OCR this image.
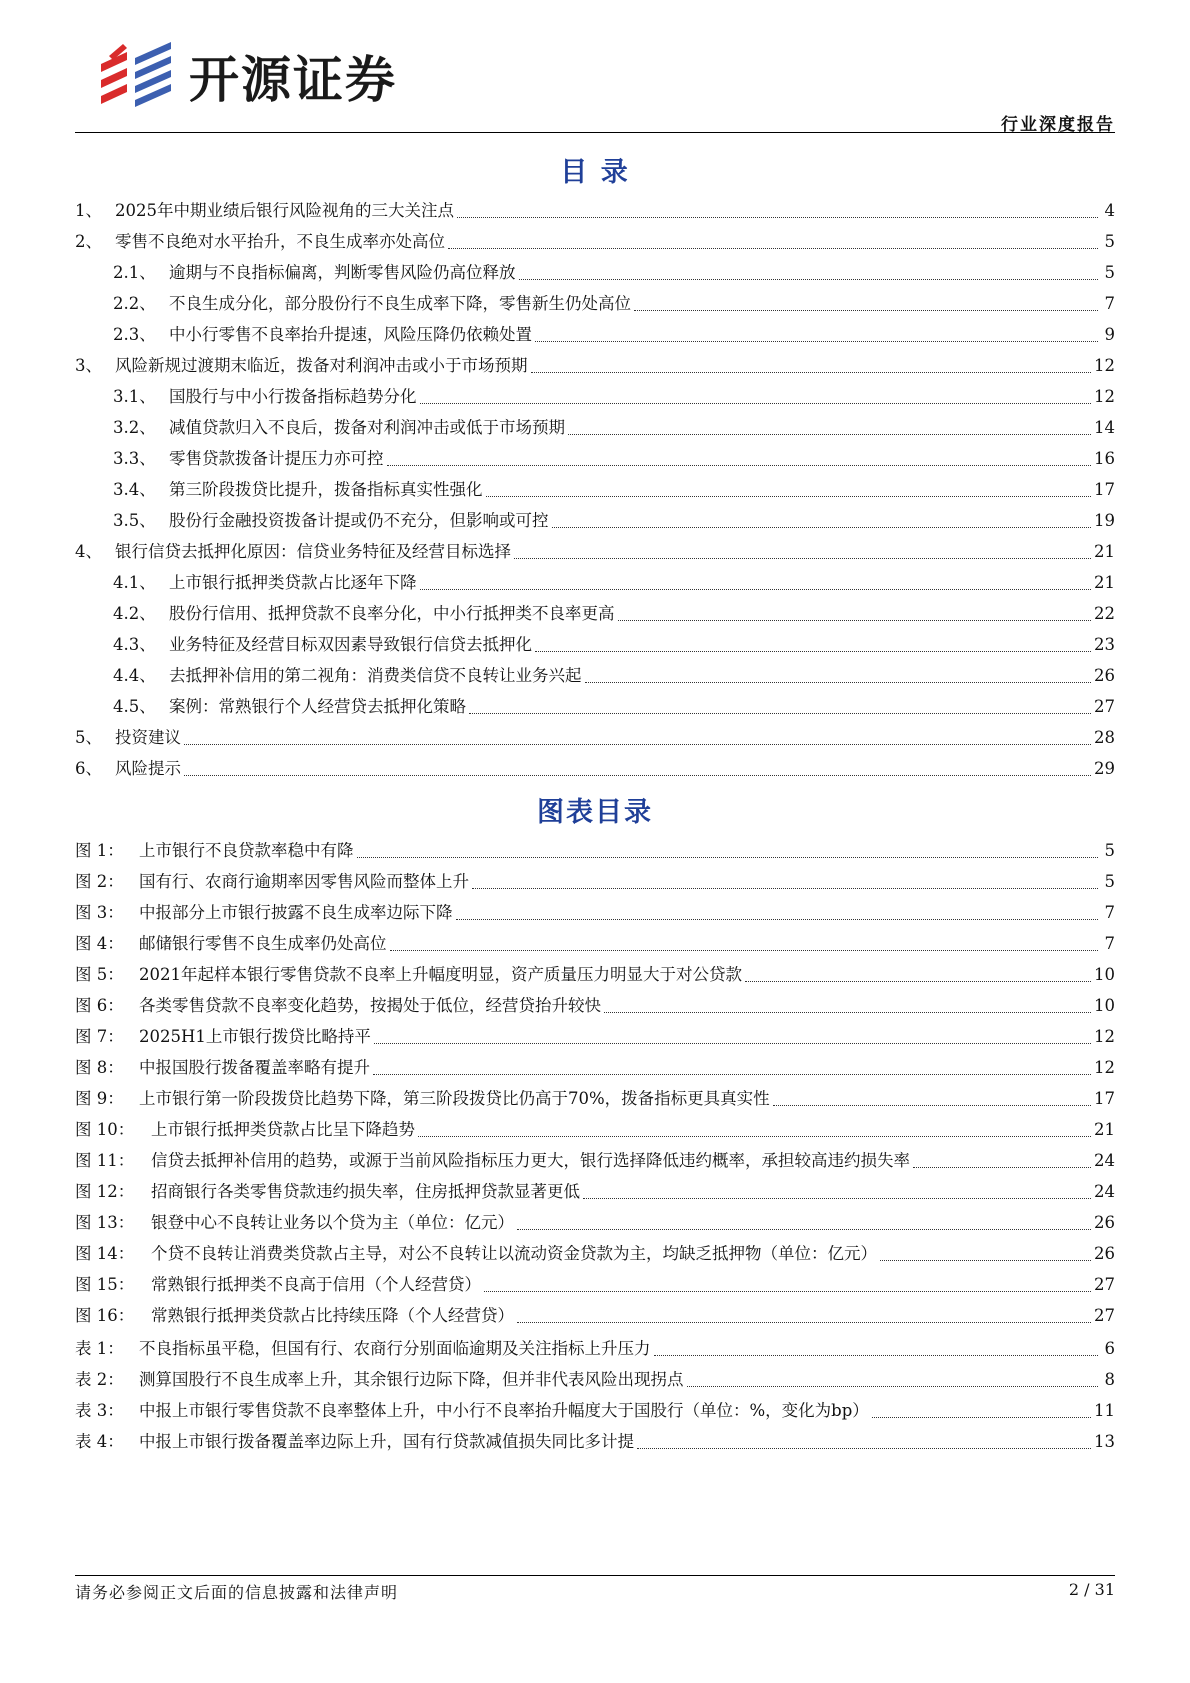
开源证券
行业深度报告
目 录
1、 2025年中期业绩后银行风险视角的三大关注点	4
2、 零售不良绝对水平抬升，不良生成率亦处高位	5
2.1、 逾期与不良指标偏离，判断零售风险仍高位释放	5
2.2、 不良生成分化，部分股份行不良生成率下降，零售新生仍处高位	7
2.3、 中小行零售不良率抬升提速，风险压降仍依赖处置	9
3、 风险新规过渡期末临近，拨备对利润冲击或小于市场预期	12
3.1、 国股行与中小行拨备指标趋势分化	12
3.2、 减值贷款归入不良后，拨备对利润冲击或低于市场预期	14
3.3、 零售贷款拨备计提压力亦可控	16
3.4、 第三阶段拨贷比提升，拨备指标真实性强化	17
3.5、 股份行金融投资拨备计提或仍不充分，但影响或可控	19
4、 银行信贷去抵押化原因：信贷业务特征及经营目标选择	21
4.1、 上市银行抵押类贷款占比逐年下降	21
4.2、 股份行信用、抵押贷款不良率分化，中小行抵押类不良率更高	22
4.3、 业务特征及经营目标双因素导致银行信贷去抵押化	23
4.4、 去抵押补信用的第二视角：消费类信贷不良转让业务兴起	26
4.5、 案例：常熟银行个人经营贷去抵押化策略	27
5、 投资建议	28
6、 风险提示	29
图表目录
图 1： 上市银行不良贷款率稳中有降	5
图 2： 国有行、农商行逾期率因零售风险而整体上升	5
图 3： 中报部分上市银行披露不良生成率边际下降	7
图 4： 邮储银行零售不良生成率仍处高位	7
图 5： 2021年起样本银行零售贷款不良率上升幅度明显，资产质量压力明显大于对公贷款	10
图 6： 各类零售贷款不良率变化趋势，按揭处于低位，经营贷抬升较快	10
图 7： 2025H1上市银行拨贷比略持平	12
图 8： 中报国股行拨备覆盖率略有提升	12
图 9： 上市银行第一阶段拨贷比趋势下降，第三阶段拨贷比仍高于70%，拨备指标更具真实性	17
图 10：	上市银行抵押类贷款占比呈下降趋势	21
图 11：	信贷去抵押补信用的趋势，或源于当前风险指标压力更大，银行选择降低违约概率，承担较高违约损失率	24
图 12：	招商银行各类零售贷款违约损失率，住房抵押贷款显著更低	24
图 13：	银登中心不良转让业务以个贷为主（单位：亿元）	26
图 14：	个贷不良转让消费类贷款占主导，对公不良转让以流动资金贷款为主，均缺乏抵押物（单位：亿元）	26
图 15：	常熟银行抵押类不良高于信用（个人经营贷）	27
图 16：	常熟银行抵押类贷款占比持续压降（个人经营贷）	27
表 1： 不良指标虽平稳，但国有行、农商行分别面临逾期及关注指标上升压力	6
表 2： 测算国股行不良生成率上升，其余银行边际下降，但并非代表风险出现拐点	8
表 3： 中报上市银行零售贷款不良率整体上升，中小行不良率抬升幅度大于国股行（单位：%，变化为bp）	11
表 4： 中报上市银行拨备覆盖率边际上升，国有行贷款减值损失同比多计提	13
请务必参阅正文后面的信息披露和法律声明	2 / 31
